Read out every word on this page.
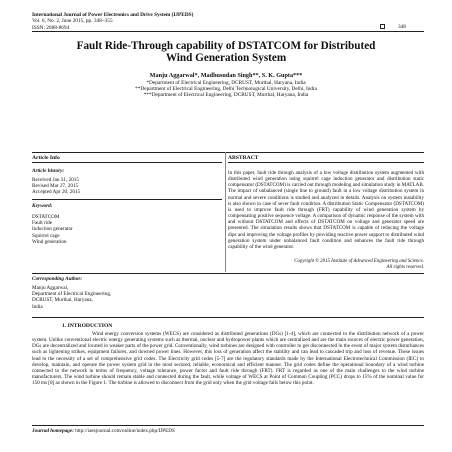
International Journal of Power Electronics and Drive System (IJPEDS)
Vol. 6, No. 2, June 2015, pp. 348~355
ISSN: 2088-8694	348
Fault Ride-Through capability of DSTATCOM for Distributed
Wind Generation System
Manju Aggarwal*, Madhusudan Singh**, S. K. Gupta***
*Department of Electrical Engineering, DCRUST, Murthal, Haryana, India
**Department of Electrical Engineering, Delhi Technological University, Delhi, India
***Department of Electrical Engineering, DCRUST, Murthal, Haryana, India
Article Info	ABSTRACT
Article history:
Received Jan 31, 2015
Revised Mar 27, 2015
Accepted Apr 20, 2015
Keyword:
DSTATCOM
Fault ride
Induction generator
Squirrel cage
Wind generation
In this paper, fault ride through analysis of a low voltage distribution system augmented with distributed wind generation using squirrel cage induction generator and distribution static compensator (DSTATCOM) is carried out through modeling and simulation study in MATLAB. The impact of unbalanced (single line to ground) fault in a low voltage distribution system in normal and severe conditions is studied and analyzed in details. Analysis on system instability is also shown in case of sever fault condition. A distribution Static Compensator (DSTATCOM) is used to improve fault ride through (FRT) capability of wind generation system by compensating positive sequence voltage. A comparison of dynamic response of the system with and without DSTATCOM and effects of DSTATCOM on voltage and generator speed are presented. The simulation results shows that DSTATCOM is capable of reducing the voltage dips and improving the voltage profiles by providing reactive power support to distributed wind generation system under unbalanced fault condition and enhances the fault ride through capability of the wind generator.
Copyright © 2015 Institute of Advanced Engineering and Science.
All rights reserved.
Corresponding Author:
Manju Aggarwal,
Department of Electrical Engineering,
DCRUST, Murthal, Haryana,
India
1. INTRODUCTION
Wind energy conversion systems (WECS) are considered as distributed generations (DGs) [1-4], which are connected to the distribution network of a power system. Unlike conventional electric energy generating systems such as thermal, nuclear and hydropower plants which are centralized and are the main sources of electric power generation, DGs are decentralized and located in weaker parts of the power grid. Conventionally, wind turbines are designed with controller to get disconnected in the event of major system disturbances such as lightening strikes, equipment failures, and downed power lines. However, this loss of generation affect the stability and can lead to cascaded trip and loss of revenue. These issues lead to the necessity of a set of comprehensive grid codes. The Electricity grid codes [5-7] are the regulatory standards made by the International Electrotechnical Commission (IEC) to develop, maintain, and operate the power system grid in the most secured, reliable, economical and efficient manner. The grid codes define the operational boundary of a wind turbine connected to the network in terms of frequency, voltage tolerance, power factor and fault ride through (FRT). FRT is regarded as one of the main challenges to the wind turbine manufacturers. The wind turbine should remain stable and connected during the fault, while voltage of WECS at Point of Common Coupling (PCC) drops to 15% of the nominal value for 150 ms [8] as shown in the Figure 1. The turbine is allowed to disconnect from the grid only when the grid voltage falls below this point.
Journal homepage: http://iaesjournal.com/online/index.php/IJPEDS
